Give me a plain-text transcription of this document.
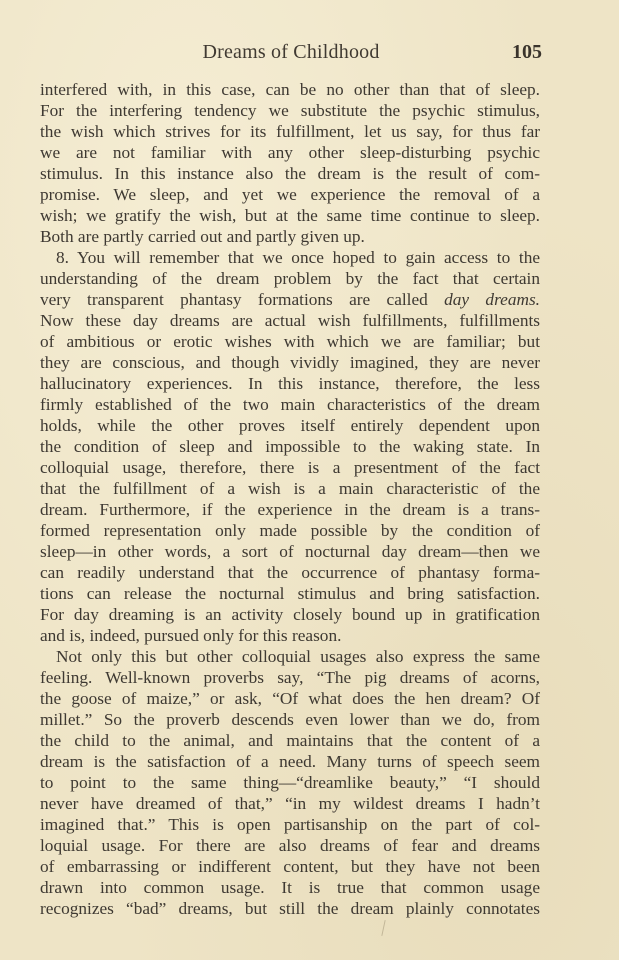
Dreams of Childhood	105
interfered with, in this case, can be no other than that of sleep.
For the interfering tendency we substitute the psychic stimulus,
the wish which strives for its fulfillment, let us say, for thus far
we are not familiar with any other sleep-disturbing psychic
stimulus. In this instance also the dream is the result of com-
promise. We sleep, and yet we experience the removal of a
wish; we gratify the wish, but at the same time continue to sleep.
Both are partly carried out and partly given up.
8. You will remember that we once hoped to gain access to the
understanding of the dream problem by the fact that certain
very transparent phantasy formations are called day dreams.
Now these day dreams are actual wish fulfillments, fulfillments
of ambitious or erotic wishes with which we are familiar; but
they are conscious, and though vividly imagined, they are never
hallucinatory experiences. In this instance, therefore, the less
firmly established of the two main characteristics of the dream
holds, while the other proves itself entirely dependent upon
the condition of sleep and impossible to the waking state. In
colloquial usage, therefore, there is a presentment of the fact
that the fulfillment of a wish is a main characteristic of the
dream. Furthermore, if the experience in the dream is a trans-
formed representation only made possible by the condition of
sleep—in other words, a sort of nocturnal day dream—then we
can readily understand that the occurrence of phantasy forma-
tions can release the nocturnal stimulus and bring satisfaction.
For day dreaming is an activity closely bound up in gratification
and is, indeed, pursued only for this reason.
Not only this but other colloquial usages also express the same
feeling. Well-known proverbs say, “The pig dreams of acorns,
the goose of maize,” or ask, “Of what does the hen dream? Of
millet.” So the proverb descends even lower than we do, from
the child to the animal, and maintains that the content of a
dream is the satisfaction of a need. Many turns of speech seem
to point to the same thing—“dreamlike beauty,” “I should
never have dreamed of that,” “in my wildest dreams I hadn’t
imagined that.” This is open partisanship on the part of col-
loquial usage. For there are also dreams of fear and dreams
of embarrassing or indifferent content, but they have not been
drawn into common usage. It is true that common usage
recognizes “bad” dreams, but still the dream plainly connotates
